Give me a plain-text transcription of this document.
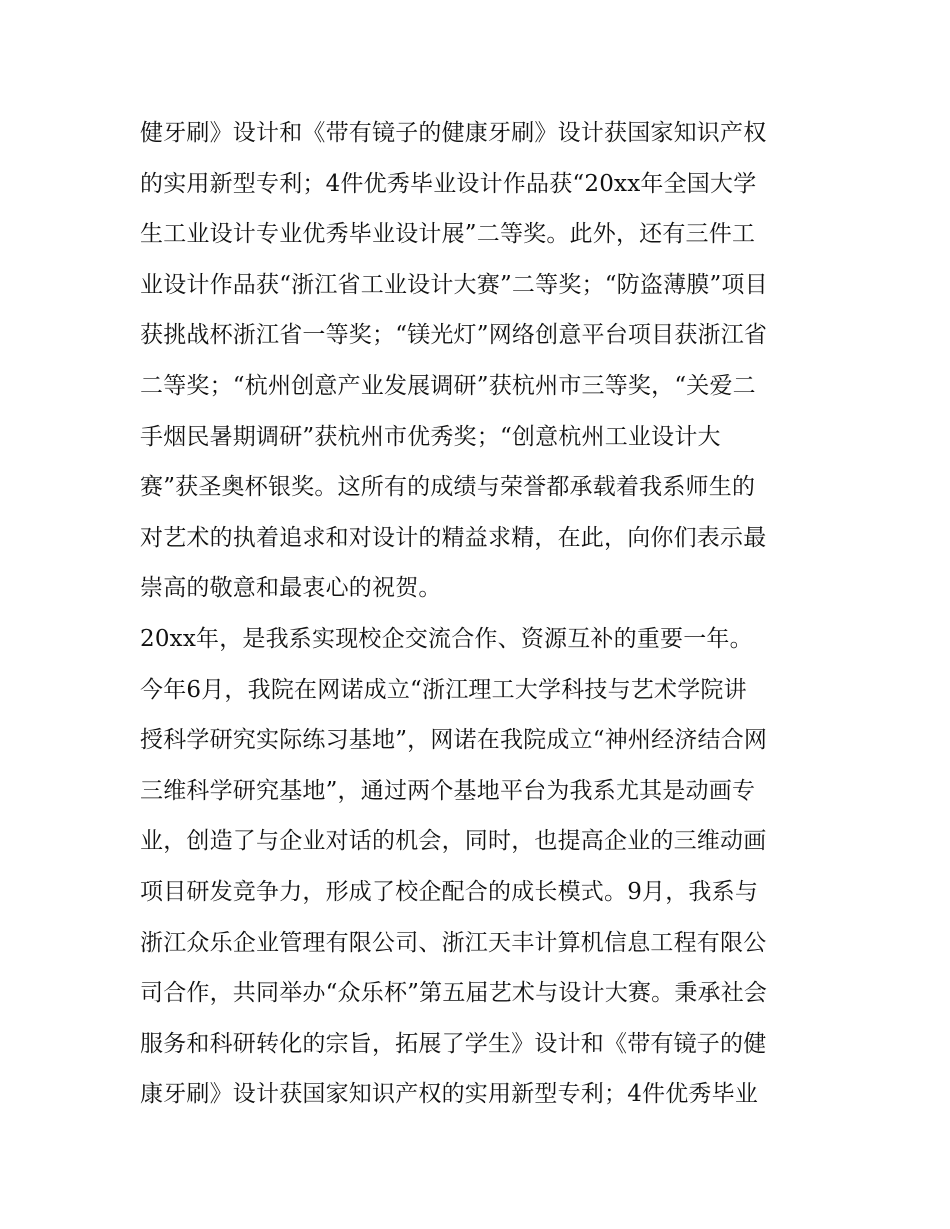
健牙刷》设计和《带有镜子的健康牙刷》设计获国家知识产权
的实用新型专利；4件优秀毕业设计作品获“20xx年全国大学
生工业设计专业优秀毕业设计展”二等奖。此外，还有三件工
业设计作品获“浙江省工业设计大赛”二等奖；“防盗薄膜”项目
获挑战杯浙江省一等奖；“镁光灯”网络创意平台项目获浙江省
二等奖；“杭州创意产业发展调研”获杭州市三等奖，“关爱二
手烟民暑期调研”获杭州市优秀奖；“创意杭州工业设计大
赛”获圣奥杯银奖。这所有的成绩与荣誉都承载着我系师生的
对艺术的执着追求和对设计的精益求精，在此，向你们表示最
崇高的敬意和最衷心的祝贺。
20xx年，是我系实现校企交流合作、资源互补的重要一年。
今年6月，我院在网诺成立“浙江理工大学科技与艺术学院讲
授科学研究实际练习基地”，网诺在我院成立“神州经济结合网
三维科学研究基地”，通过两个基地平台为我系尤其是动画专
业，创造了与企业对话的机会，同时，也提高企业的三维动画
项目研发竞争力，形成了校企配合的成长模式。9月，我系与
浙江众乐企业管理有限公司、浙江天丰计算机信息工程有限公
司合作，共同举办“众乐杯”第五届艺术与设计大赛。秉承社会
服务和科研转化的宗旨，拓展了学生》设计和《带有镜子的健
康牙刷》设计获国家知识产权的实用新型专利；4件优秀毕业
